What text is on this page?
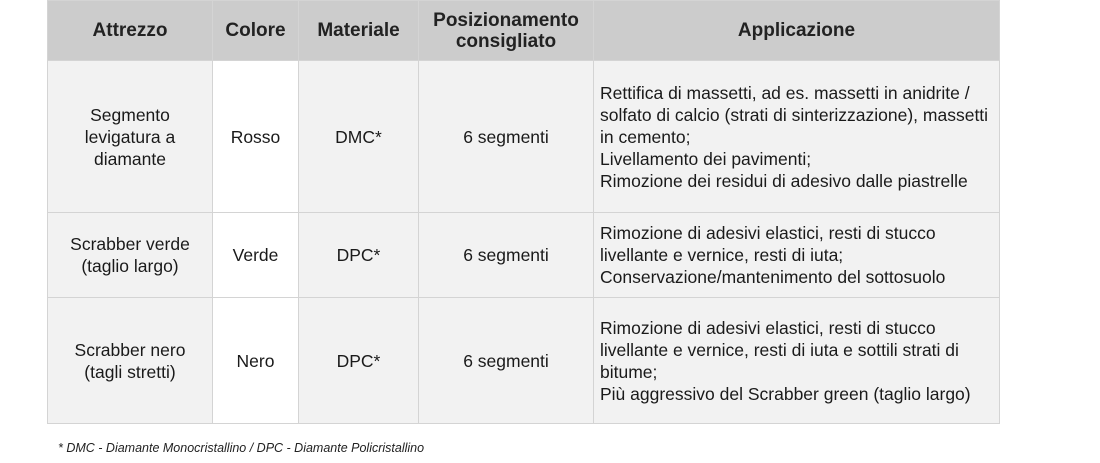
Attrezzo	Colore	Materiale	Posizionamento consigliato	Applicazione
Segmento levigatura a diamante	Rosso	DMC*	6 segmenti	Rettifica di massetti, ad es. massetti in anidrite / solfato di calcio (strati di sinterizzazione), massetti in cemento;
Livellamento dei pavimenti;
Rimozione dei residui di adesivo dalle piastrelle

Scrabber verde (taglio largo)	Verde	DPC*	6 segmenti	Rimozione di adesivi elastici, resti di stucco livellante e vernice, resti di iuta;
Conservazione/mantenimento del sottosuolo

Scrabber nero (tagli stretti)	Nero	DPC*	6 segmenti	Rimozione di adesivi elastici, resti di stucco livellante e vernice, resti di iuta e sottili strati di bitume;
Più aggressivo del Scrabber green (taglio largo)
* DMC - Diamante Monocristallino / DPC - Diamante Policristallino
